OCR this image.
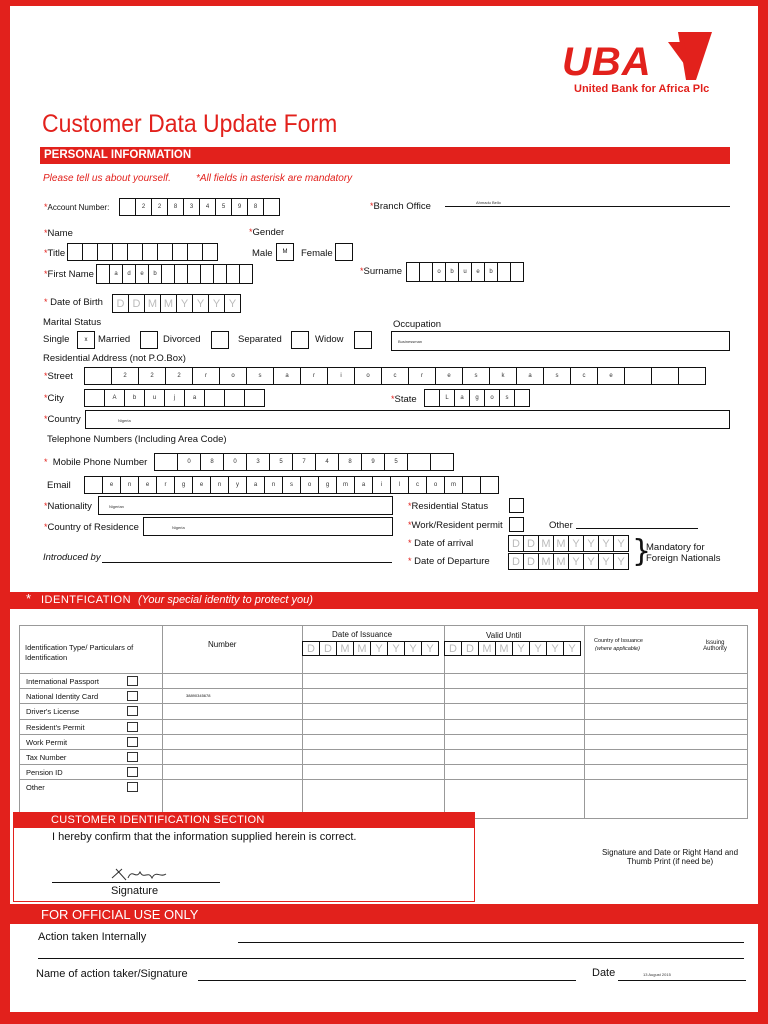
UBA
United Bank for Africa Plc
Customer Data Update Form
PERSONAL INFORMATION
Please tell us about yourself.	*All fields in asterisk are mandatory
*Account Number:	2	2	8	3	4	5	9	8	*Branch Office	Ahmadu Bello
*Name	*Gender
*Title	Male	M	Female
*First Name	a	d	e	b	*Surname	o	b	u	e	b
* Date of Birth	D D M M Y Y Y Y
Marital Status
Single	x	Married	Divorced	Separated	Widow
Occupation
Businessman
Residential Address (not P.O.Box)
*Street	2	2	2	r	o	s	a	r	i	o	c	r	e	s	k	a	s	c	e
*City	A	b	u	j	a	*State	L	a	g	o	s
*Country	Nigeria
Telephone Numbers (Including Area Code)
* Mobile Phone Number	0	8	0	3	5	7	4	8	9	5
Email	e	n	e	r	g	e	n	y	a	n	s	o	g	m	a	i	l	c	o	m
*Nationality	Nigerian
*Country of Residence	Nigeria
Introduced by
*Residential Status
*Work/Resident permit	Other
* Date of arrival	D D M M Y Y Y Y
* Date of Departure	D D M M Y Y Y Y }
Mandatory for
Foreign Nationals
* IDENTFICATION (Your special identity to protect you)
Identification Type/ Particulars of Identification
Number
Date of Issuance	Valid Until
D D M M Y Y Y Y	D D M M Y Y Y Y
Country of Issuance
(where applicable)
Issuing Authority
International Passport
National Identity Card	38890345678
Driver's License
Resident's Permit
Work Permit
Tax Number
Pension ID
Other
Signature and Date or Right Hand and Thumb Print (if need be)
CUSTOMER IDENTIFICATION SECTION
I hereby confirm that the information supplied herein is correct.
Signature
FOR OFFICIAL USE ONLY
Action taken Internally
Name of action taker/Signature	Date	13 August 2015
